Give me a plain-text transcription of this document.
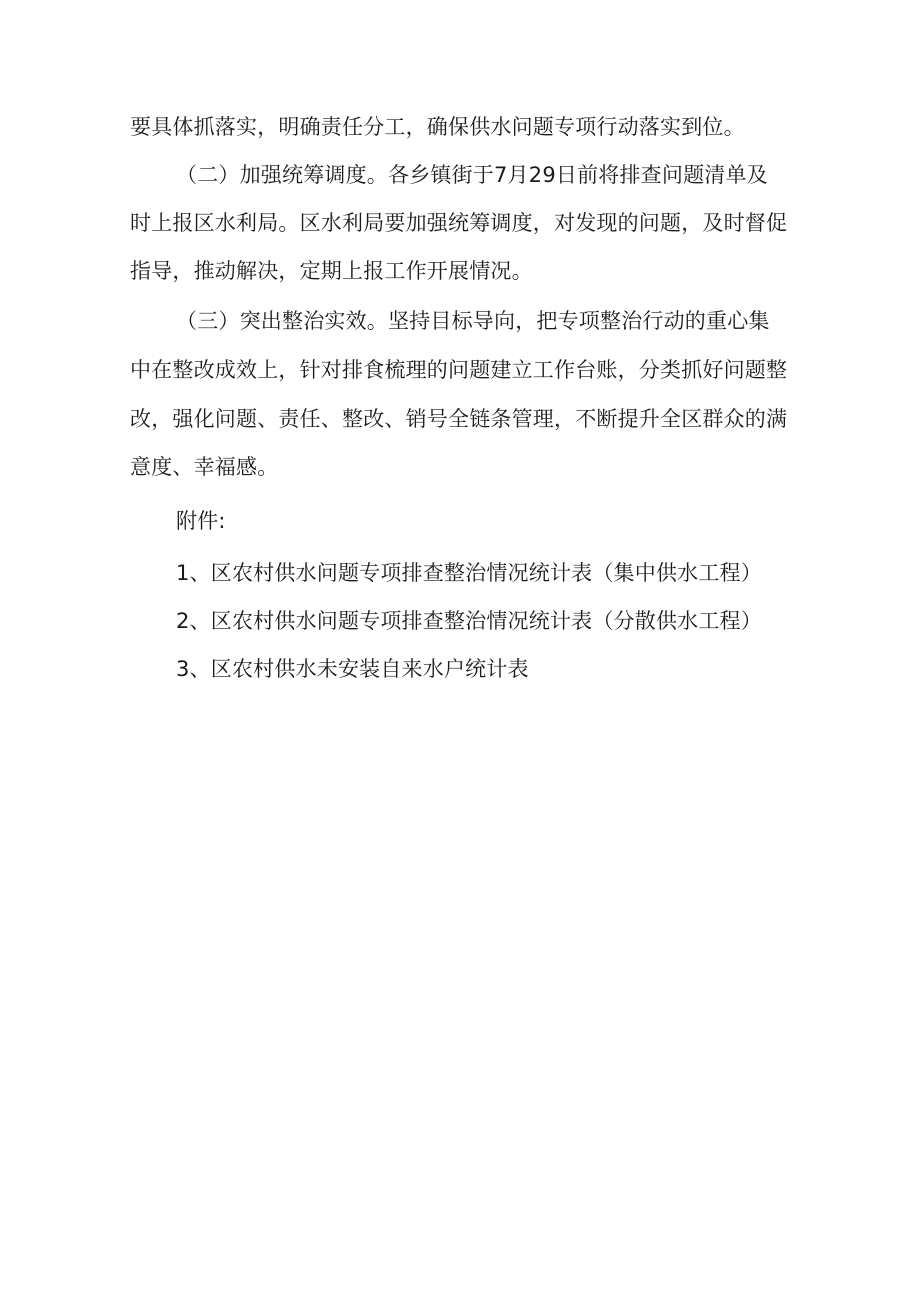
要具体抓落实，明确责任分工，确保供水问题专项行动落实到位。
（二）加强统筹调度。各乡镇街于7月29日前将排查问题清单及
时上报区水利局。区水利局要加强统筹调度，对发现的问题，及时督促
指导，推动解决，定期上报工作开展情况。
（三）突出整治实效。坚持目标导向，把专项整治行动的重心集
中在整改成效上，针对排食梳理的问题建立工作台账，分类抓好问题整
改，强化问题、责任、整改、销号全链条管理，不断提升全区群众的满
意度、幸福感。
附件:
1、区农村供水问题专项排查整治情况统计表（集中供水工程）
2、区农村供水问题专项排查整治情况统计表（分散供水工程）
3、区农村供水未安装自来水户统计表
